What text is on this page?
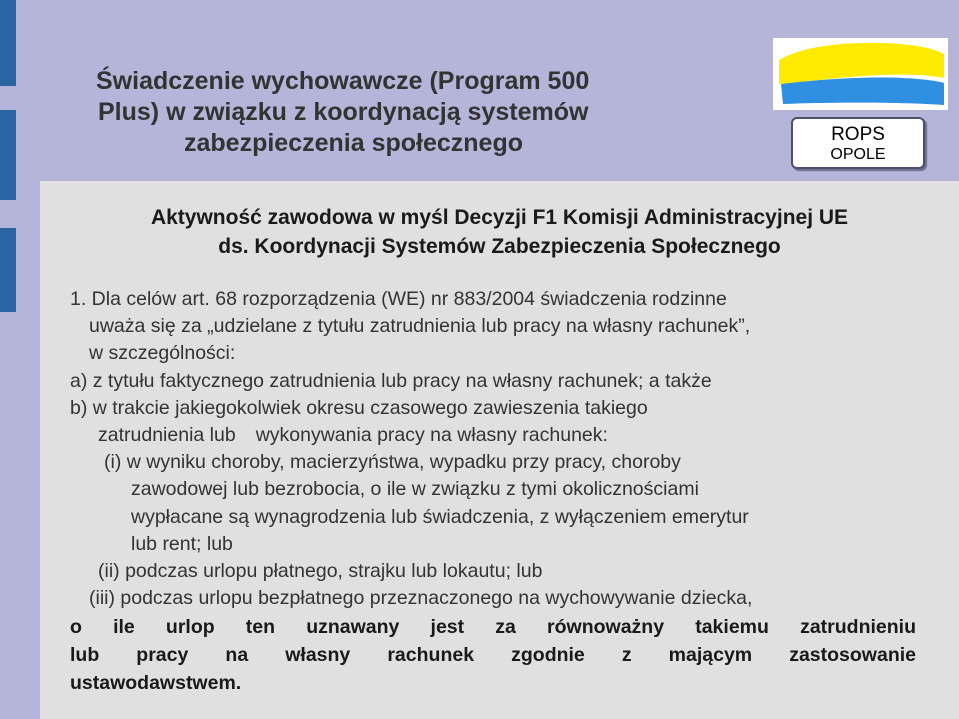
Świadczenie wychowawcze (Program 500
Plus) w związku z koordynacją systemów
zabezpieczenia społecznego	ROPS
OPOLE
Aktywność zawodowa w myśl Decyzji F1 Komisji Administracyjnej UE
ds. Koordynacji Systemów Zabezpieczenia Społecznego
1. Dla celów art. 68 rozporządzenia (WE) nr 883/2004 świadczenia rodzinne
uważa się za „udzielane z tytułu zatrudnienia lub pracy na własny rachunek”,
w szczególności:
a) z tytułu faktycznego zatrudnienia lub pracy na własny rachunek; a także
b) w trakcie jakiegokolwiek okresu czasowego zawieszenia takiego
zatrudnienia lub wykonywania pracy na własny rachunek:
(i) w wyniku choroby, macierzyństwa, wypadku przy pracy, choroby
zawodowej lub bezrobocia, o ile w związku z tymi okolicznościami
wypłacane są wynagrodzenia lub świadczenia, z wyłączeniem emerytur
lub rent; lub
(ii) podczas urlopu płatnego, strajku lub lokautu; lub
(iii) podczas urlopu bezpłatnego przeznaczonego na wychowywanie dziecka,
o ile urlop ten uznawany jest za równoważny takiemu zatrudnieniu
lub pracy na własny rachunek zgodnie z mającym zastosowanie
ustawodawstwem.
